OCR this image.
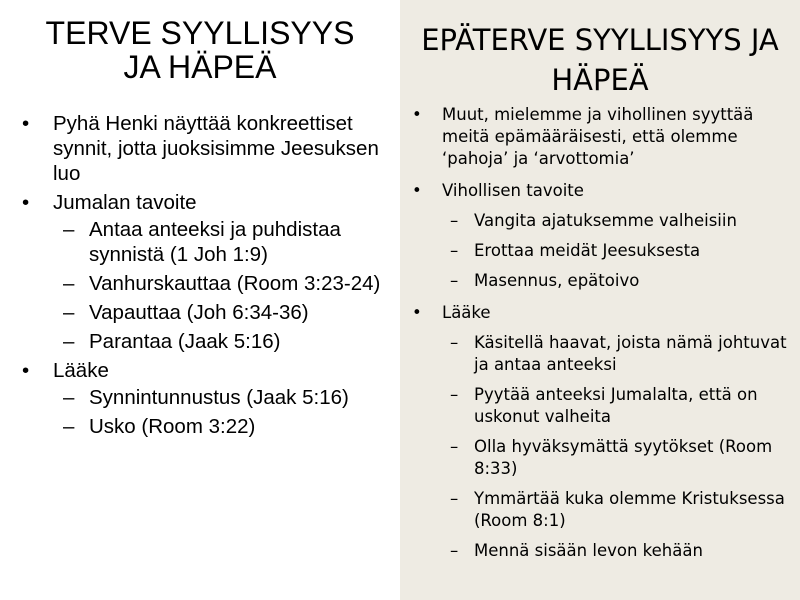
TERVE SYYLLISYYS
JA HÄPEÄ
• Pyhä Henki näyttää konkreettiset synnit, jotta juoksisimme Jeesuksen luo
• Jumalan tavoite
– Antaa anteeksi ja puhdistaa synnistä (1 Joh 1:9)
– Vanhurskauttaa (Room 3:23-24)
– Vapauttaa (Joh 6:34-36)
– Parantaa (Jaak 5:16)
• Lääke
– Synnintunnustus (Jaak 5:16)
– Usko (Room 3:22)
EPÄTERVE SYYLLISYYS JA
HÄPEÄ
• Muut, mielemme ja vihollinen syyttää meitä epämääräisesti, että olemme ‘pahoja’ ja ‘arvottomia’
• Vihollisen tavoite
– Vangita ajatuksemme valheisiin
– Erottaa meidät Jeesuksesta
– Masennus, epätoivo
• Lääke
– Käsitellä haavat, joista nämä johtuvat ja antaa anteeksi
– Pyytää anteeksi Jumalalta, että on uskonut valheita
– Olla hyväksymättä syytökset (Room 8:33)
– Ymmärtää kuka olemme Kristuksessa (Room 8:1)
– Mennä sisään levon kehään
